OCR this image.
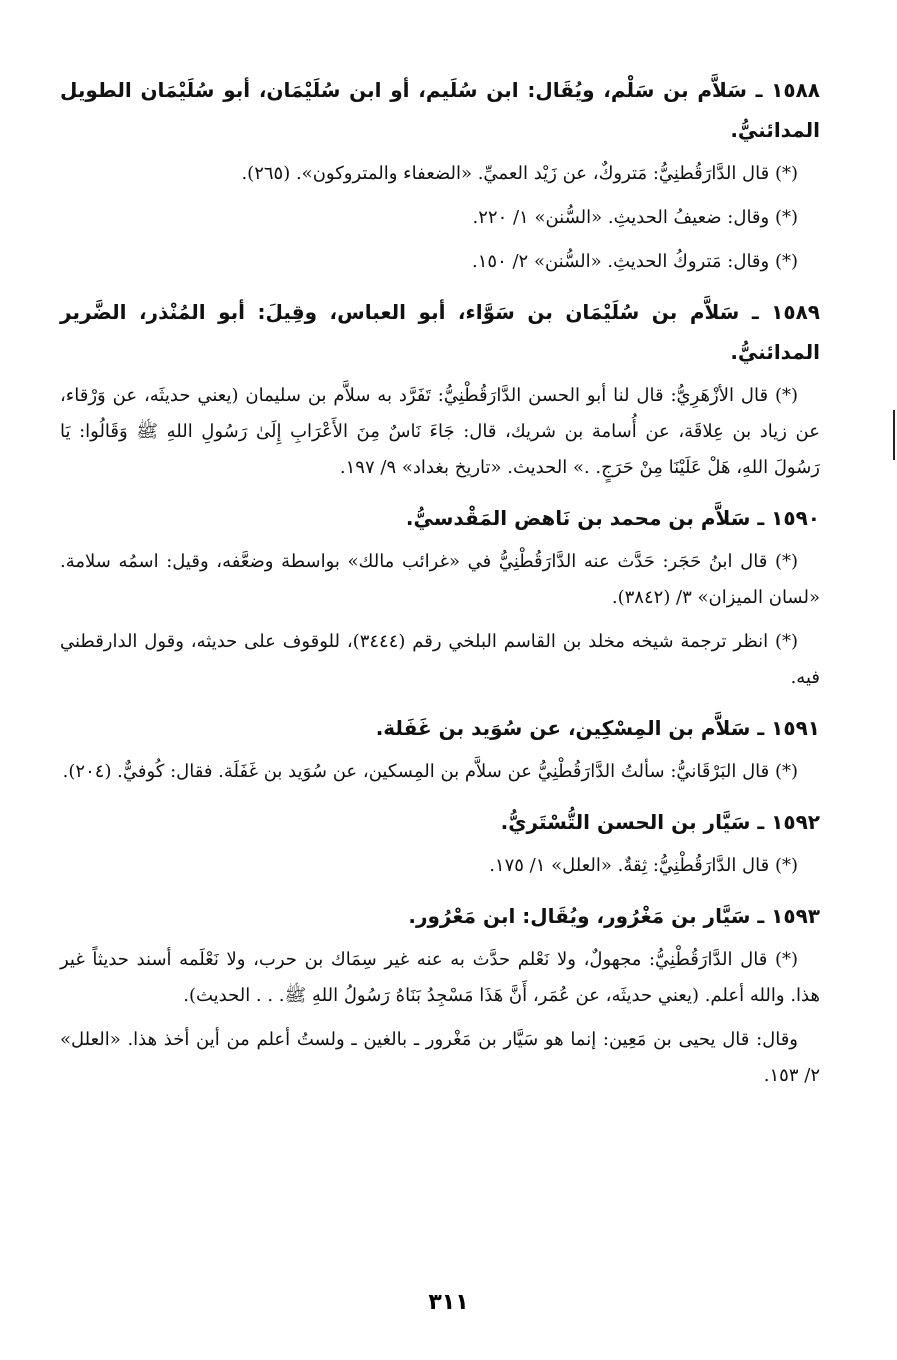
١٥٨٨ ـ سَلاَّم بن سَلْم، ويُقَال: ابن سُلَيم، أو ابن سُلَيْمَان، أبو سُلَيْمَان الطويل المدائنيُّ.

(*) قال الدَّارَقُطنِيُّ: مَتروكٌ، عن زَيْد العميِّ. «الضعفاء والمتروكون». (٢٦٥).

(*) وقال: ضعيفُ الحديثِ. «السُّنن» ١/ ٢٢٠.

(*) وقال: مَتروكُ الحديثِ. «السُّنن» ٢/ ١٥٠.

١٥٨٩ ـ سَلاَّم بن سُلَيْمَان بن سَوَّاء، أبو العباس، وقِيلَ: أبو المُنْذر، الضَّرير المدائنيُّ.

(*) قال الأزْهَرِيُّ: قال لنا أبو الحسن الدَّارَقُطْنِيُّ: تَفَرَّد به سلاَّم بن سليمان (يعني حديثَه، عن وَرْقاء، عن زياد بن عِلاقَة، عن أُسامة بن شريك، قال: جَاءَ نَاسٌ مِنَ الأَعْرَابِ إِلَىٰ رَسُولِ اللهِ ﷺ وَقَالُوا: يَا رَسُولَ اللهِ، هَلْ عَلَيْنَا مِنْ حَرَجٍ. .» الحديث. «تاريخ بغداد» ٩/ ١٩٧.

١٥٩٠ ـ سَلاَّم بن محمد بن نَاهض المَقْدسيُّ.

(*) قال ابنُ حَجَر: حَدَّث عنه الدَّارَقُطْنِيُّ في «غرائب مالك» بواسطة وضعَّفه، وقيل: اسمُه سلامة. «لسان الميزان» ٣/ (٣٨٤٢).

(*) انظر ترجمة شيخه مخلد بن القاسم البلخي رقم (٣٤٤٤)، للوقوف على حديثه، وقول الدارقطني فيه.

١٥٩١ ـ سَلاَّم بن المِسْكِين، عن سُوَيد بن غَفَلة.

(*) قال البَرْقَانيُّ: سألتُ الدَّارَقُطْنِيُّ عن سلاَّم بن المِسكين، عن سُوَيد بن غَفَلَة. فقال: كُوفيٌّ. (٢٠٤).

١٥٩٢ ـ سَيَّار بن الحسن التُّسْتَريُّ.

(*) قال الدَّارَقُطْنِيُّ: ثِقةٌ. «العلل» ١/ ١٧٥.

١٥٩٣ ـ سَيَّار بن مَغْرُور، ويُقَال: ابن مَعْرُور.

(*) قال الدَّارَقُطْنِيُّ: مجهولٌ، ولا نَعْلم حدَّث به عنه غير سِمَاك بن حرب، ولا نَعْلَمه أسند حديثاً غير هذا. والله أعلم. (يعني حديثَه، عن عُمَر، أَنَّ هَذَا مَسْجِدُ بَنَاهُ رَسُولُ اللهِ ﷺ. . . الحديث).

وقال: قال يحيى بن مَعِين: إنما هو سَيَّار بن مَغْرور ـ بالغين ـ ولستُ أعلم من أين أخذ هذا. «العلل» ٢/ ١٥٣.

٣١١
